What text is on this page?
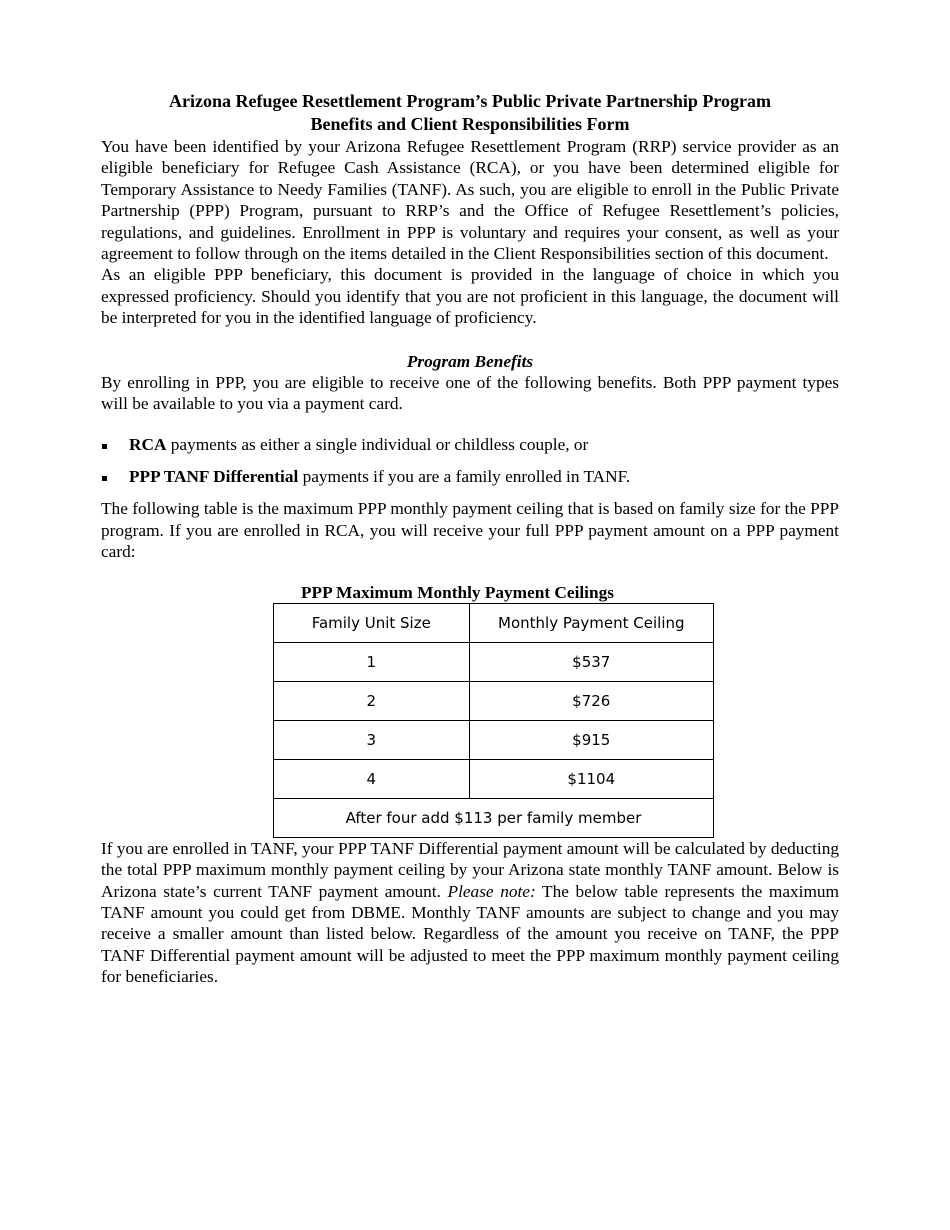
Arizona Refugee Resettlement Program’s Public Private Partnership Program
Benefits and Client Responsibilities Form

You have been identified by your Arizona Refugee Resettlement Program (RRP) service provider as an eligible beneficiary for Refugee Cash Assistance (RCA), or you have been determined eligible for Temporary Assistance to Needy Families (TANF). As such, you are eligible to enroll in the Public Private Partnership (PPP) Program, pursuant to RRP’s and the Office of Refugee Resettlement’s policies, regulations, and guidelines. Enrollment in PPP is voluntary and requires your consent, as well as your agreement to follow through on the items detailed in the Client Responsibilities section of this document.

As an eligible PPP beneficiary, this document is provided in the language of choice in which you expressed proficiency. Should you identify that you are not proficient in this language, the document will be interpreted for you in the identified language of proficiency.

Program Benefits

By enrolling in PPP, you are eligible to receive one of the following benefits. Both PPP payment types will be available to you via a payment card.

RCA payments as either a single individual or childless couple, or
PPP TANF Differential payments if you are a family enrolled in TANF.

The following table is the maximum PPP monthly payment ceiling that is based on family size for the PPP program. If you are enrolled in RCA, you will receive your full PPP payment amount on a PPP payment card:

PPP Maximum Monthly Payment Ceilings
Family Unit Size	Monthly Payment Ceiling
1	$537
2	$726
3	$915
4	$1104
After four add $113 per family member	

If you are enrolled in TANF, your PPP TANF Differential payment amount will be calculated by deducting the total PPP maximum monthly payment ceiling by your Arizona state monthly TANF amount. Below is Arizona state’s current TANF payment amount. Please note: The below table represents the maximum TANF amount you could get from DBME. Monthly TANF amounts are subject to change and you may receive a smaller amount than listed below. Regardless of the amount you receive on TANF, the PPP TANF Differential payment amount will be adjusted to meet the PPP maximum monthly payment ceiling for beneficiaries.
